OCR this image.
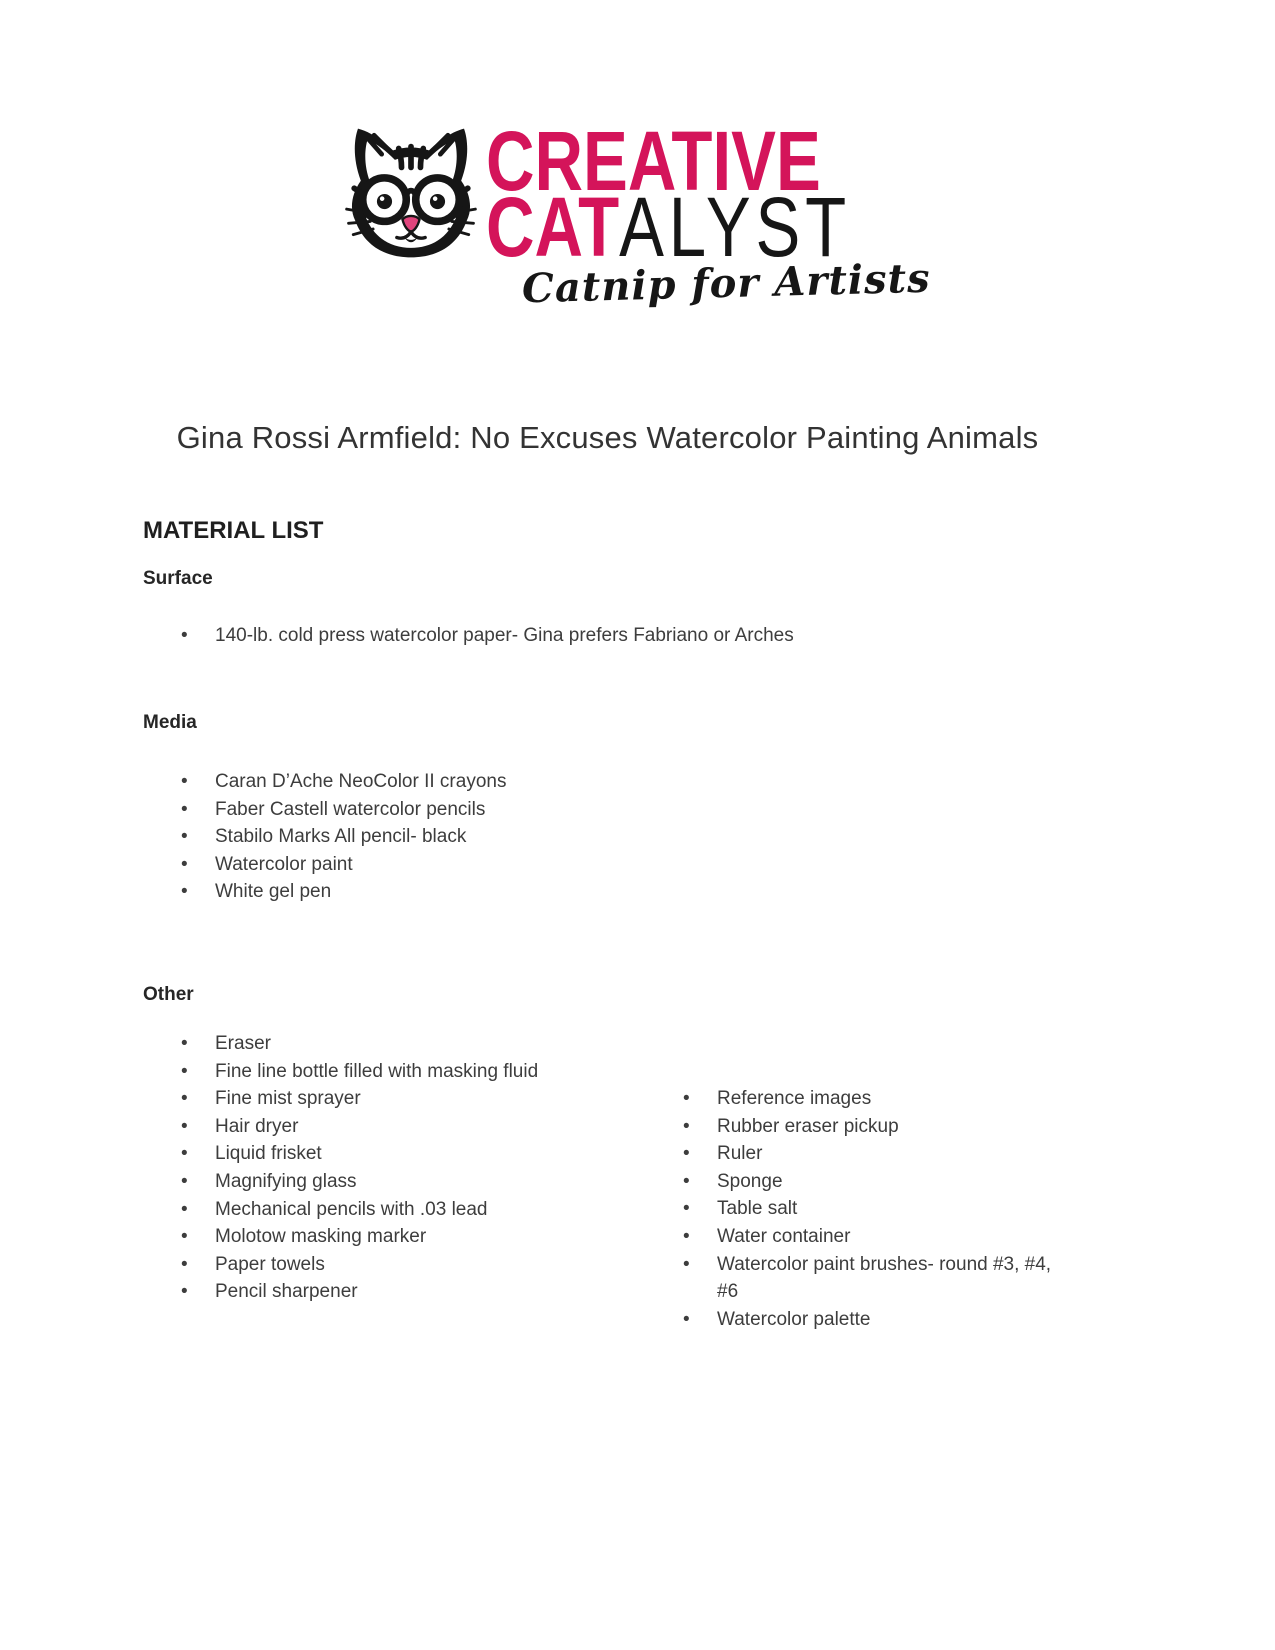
CREATIVE
CATALYST
Catnip for Artists
Gina Rossi Armfield: No Excuses Watercolor Painting Animals
MATERIAL LIST
Surface
• 140-lb. cold press watercolor paper- Gina prefers Fabriano or Arches
Media
• Caran D’Ache NeoColor II crayons
• Faber Castell watercolor pencils
• Stabilo Marks All pencil- black
• Watercolor paint
• White gel pen
Other
• Eraser
• Fine line bottle filled with masking fluid
• Fine mist sprayer
• Hair dryer
• Liquid frisket
• Magnifying glass
• Mechanical pencils with .03 lead
• Molotow masking marker
• Paper towels
• Pencil sharpener
• Reference images
• Rubber eraser pickup
• Ruler
• Sponge
• Table salt
• Water container
• Watercolor paint brushes- round #3, #4, #6
• Watercolor palette
